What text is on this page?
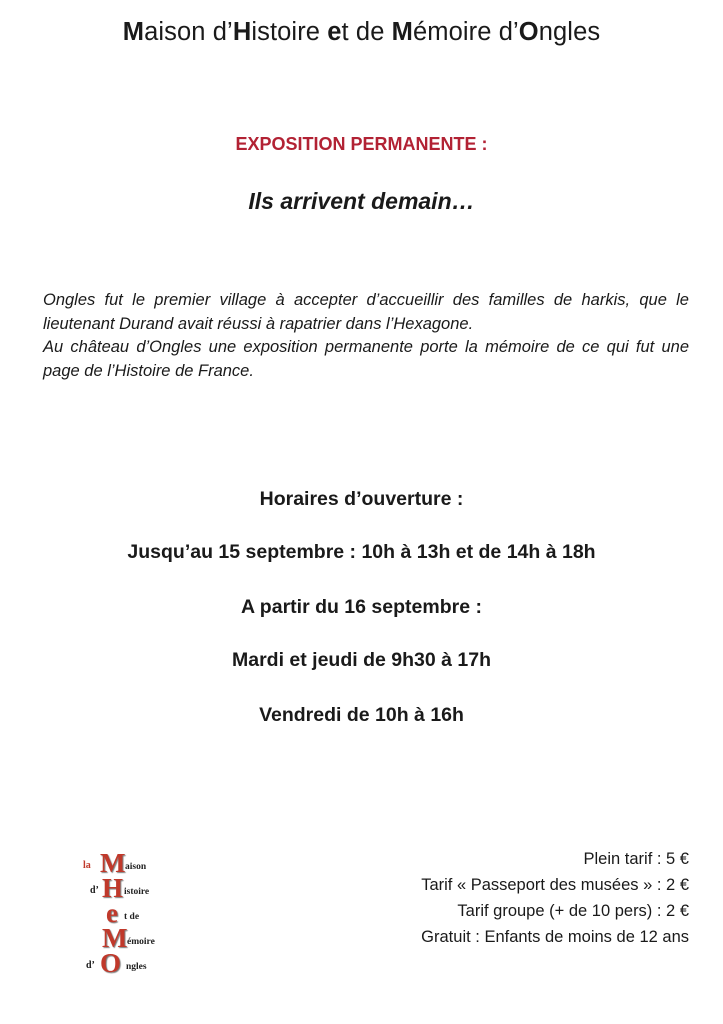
Maison d’Histoire et de Mémoire d’Ongles
EXPOSITION PERMANENTE :
Ils arrivent demain…

Ongles fut le premier village à accepter d’accueillir des familles de harkis, que le lieutenant Durand avait réussi à rapatrier dans l’Hexagone.

Au château d’Ongles une exposition permanente porte la mémoire de ce qui fut une page de l’Histoire de France.

Horaires d’ouverture :
Jusqu’au 15 septembre : 10h à 13h et de 14h à 18h
A partir du 16 septembre :
Mardi et jeudi de 9h30 à 17h
Vendredi de 10h à 16h
la M aison
d’ H istoire
e t de
M émoire
d’ O ngles
Plein tarif : 5 €
Tarif « Passeport des musées » : 2 €
Tarif groupe (+ de 10 pers) : 2 €
Gratuit : Enfants de moins de 12 ans
